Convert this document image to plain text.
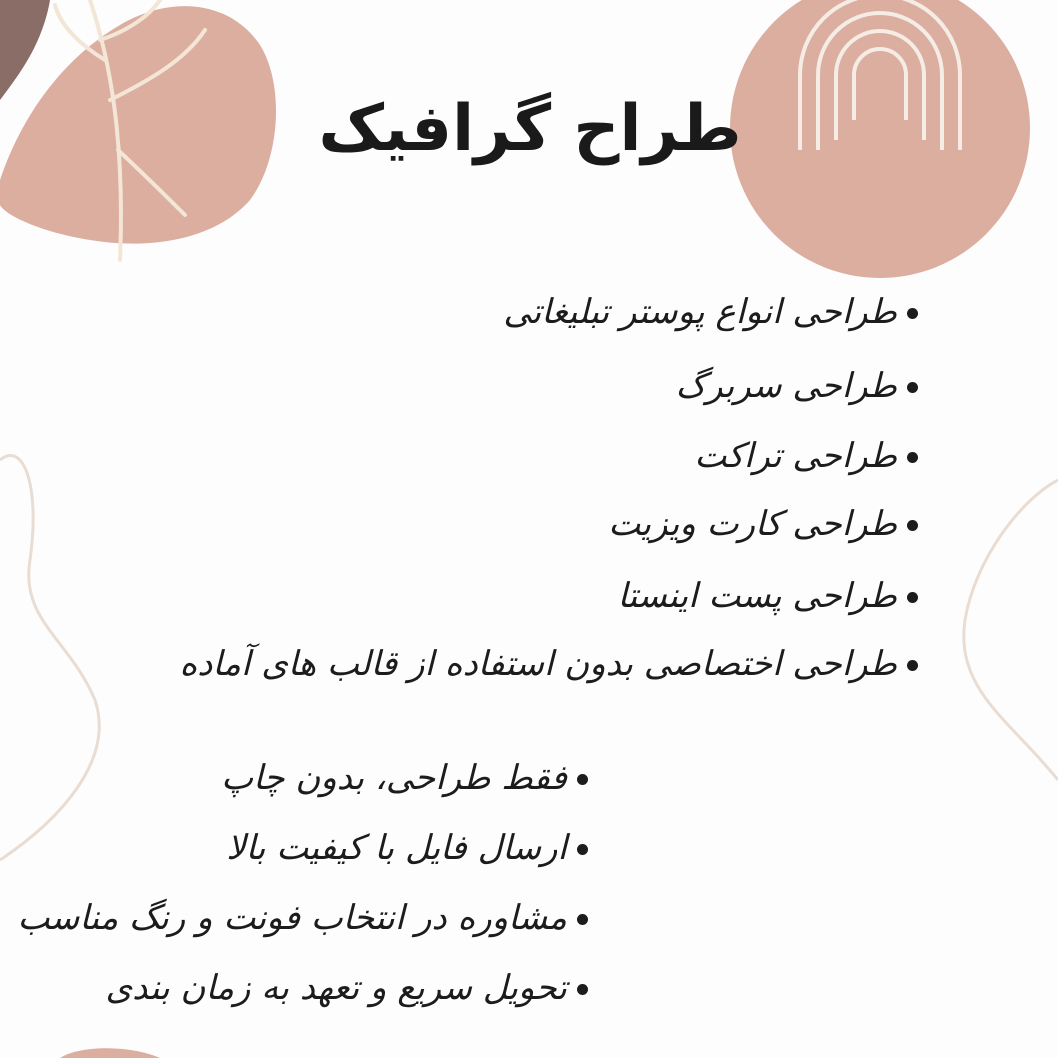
طراح گرافیک
طراحی انواع پوستر تبلیغاتی
طراحی سربرگ
طراحی تراکت
طراحی کارت ویزیت
طراحی پست اینستا
طراحی اختصاصی بدون استفاده از قالب های آماده
فقط طراحی، بدون چاپ
ارسال فایل با کیفیت بالا
مشاوره در انتخاب فونت و رنگ مناسب
تحویل سریع و تعهد به زمان بندی
